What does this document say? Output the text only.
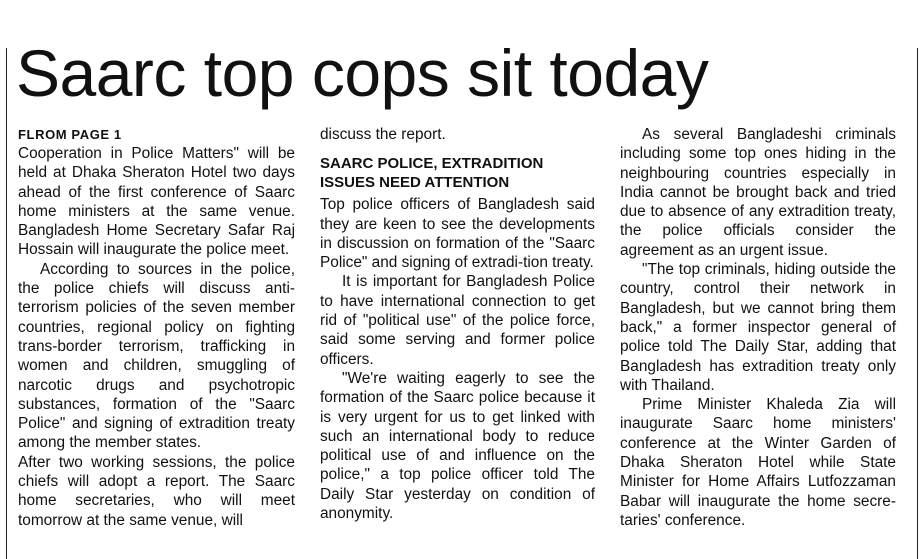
Saarc top cops sit today

FLROM PAGE 1

Cooperation in Police Matters" will be held at Dhaka Sheraton Hotel two days ahead of the first conference of Saarc home ministers at the same venue. Bangladesh Home Secretary Safar Raj Hossain will inaugurate the police meet.

According to sources in the police, the police chiefs will discuss anti-terrorism policies of the seven member countries, regional policy on fighting trans-border terrorism, trafficking in women and children, smuggling of narcotic drugs and psychotropic substances, formation of the "Saarc Police" and signing of extradition treaty among the member states.

After two working sessions, the police chiefs will adopt a report. The Saarc home secretaries, who will meet tomorrow at the same venue, will

discuss the report.

SAARC POLICE, EXTRADITION ISSUES NEED ATTENTION

Top police officers of Bangladesh said they are keen to see the developments in discussion on formation of the "Saarc Police" and signing of extradi-tion treaty.

It is important for Bangladesh Police to have international connection to get rid of "political use" of the police force, said some serving and former police officers.

"We're waiting eagerly to see the formation of the Saarc police because it is very urgent for us to get linked with such an international body to reduce political use of and influence on the police," a top police officer told The Daily Star yesterday on condition of anonymity.

As several Bangladeshi criminals including some top ones hiding in the neighbouring countries especially in India cannot be brought back and tried due to absence of any extradition treaty, the police officials consider the agreement as an urgent issue.

"The top criminals, hiding outside the country, control their network in Bangladesh, but we cannot bring them back," a former inspector general of police told The Daily Star, adding that Bangladesh has extradition treaty only with Thailand.

Prime Minister Khaleda Zia will inaugurate Saarc home ministers' conference at the Winter Garden of Dhaka Sheraton Hotel while State Minister for Home Affairs Lutfozzaman Babar will inaugurate the home secre-taries' conference.
